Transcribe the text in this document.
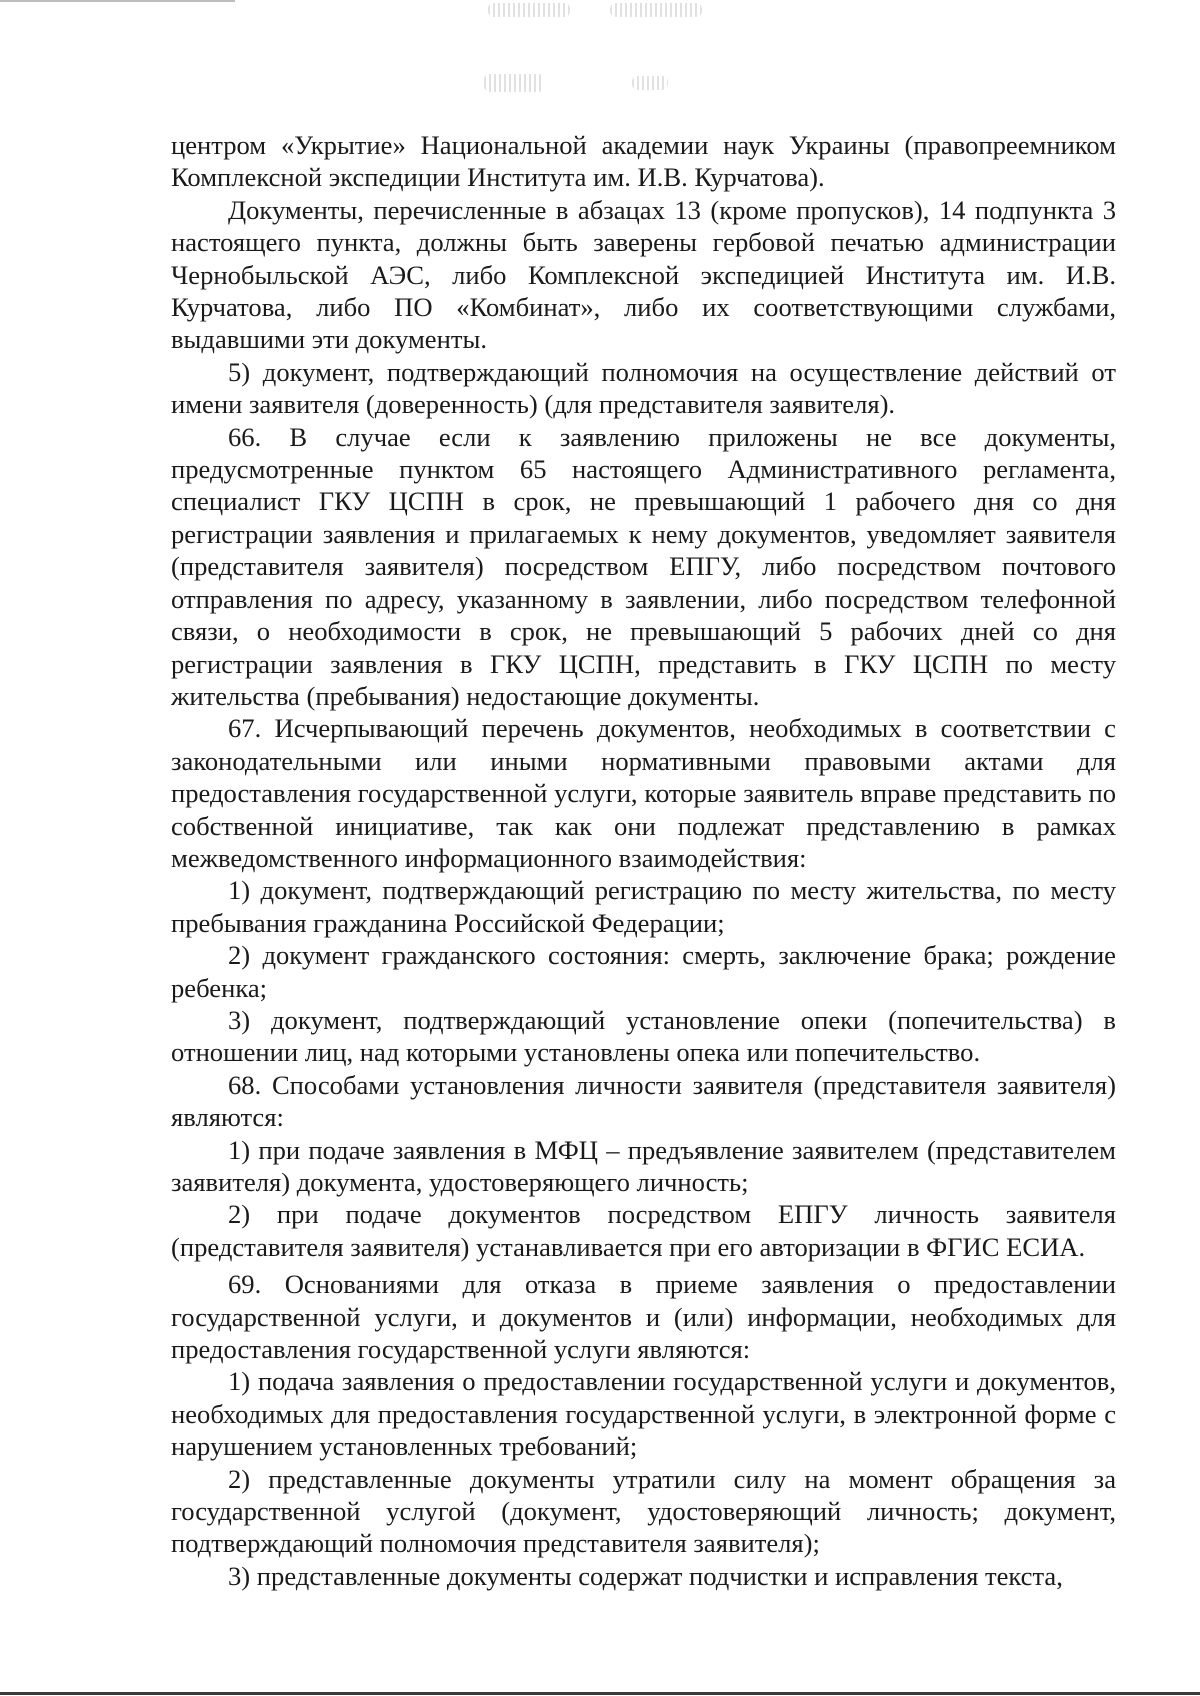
центром «Укрытие» Национальной академии наук Украины (правопреемником Комплексной экспедиции Института им. И.В. Курчатова).

Документы, перечисленные в абзацах 13 (кроме пропусков), 14 подпункта 3 настоящего пункта, должны быть заверены гербовой печатью администрации Чернобыльской АЭС, либо Комплексной экспедицией Института им. И.В. Курчатова, либо ПО «Комбинат», либо их соответствующими службами, выдавшими эти документы.

5) документ, подтверждающий полномочия на осуществление действий от имени заявителя (доверенность) (для представителя заявителя).

66. В случае если к заявлению приложены не все документы, предусмотренные пунктом 65 настоящего Административного регламента, специалист ГКУ ЦСПН в срок, не превышающий 1 рабочего дня со дня регистрации заявления и прилагаемых к нему документов, уведомляет заявителя (представителя заявителя) посредством ЕПГУ, либо посредством почтового отправления по адресу, указанному в заявлении, либо посредством телефонной связи, о необходимости в срок, не превышающий 5 рабочих дней со дня регистрации заявления в ГКУ ЦСПН, представить в ГКУ ЦСПН по месту жительства (пребывания) недостающие документы.

67. Исчерпывающий перечень документов, необходимых в соответствии с законодательными или иными нормативными правовыми актами для предоставления государственной услуги, которые заявитель вправе представить по собственной инициативе, так как они подлежат представлению в рамках межведомственного информационного взаимодействия:

1) документ, подтверждающий регистрацию по месту жительства, по месту пребывания гражданина Российской Федерации;

2) документ гражданского состояния: смерть, заключение брака; рождение ребенка;

3) документ, подтверждающий установление опеки (попечительства) в отношении лиц, над которыми установлены опека или попечительство.

68. Способами установления личности заявителя (представителя заявителя) являются:

1) при подаче заявления в МФЦ – предъявление заявителем (представителем заявителя) документа, удостоверяющего личность;

2) при подаче документов посредством ЕПГУ личность заявителя (представителя заявителя) устанавливается при его авторизации в ФГИС ЕСИА.

69. Основаниями для отказа в приеме заявления о предоставлении государственной услуги, и документов и (или) информации, необходимых для предоставления государственной услуги являются:

1) подача заявления о предоставлении государственной услуги и документов, необходимых для предоставления государственной услуги, в электронной форме с нарушением установленных требований;

2) представленные документы утратили силу на момент обращения за государственной услугой (документ, удостоверяющий личность; документ, подтверждающий полномочия представителя заявителя);

3) представленные документы содержат подчистки и исправления текста,
